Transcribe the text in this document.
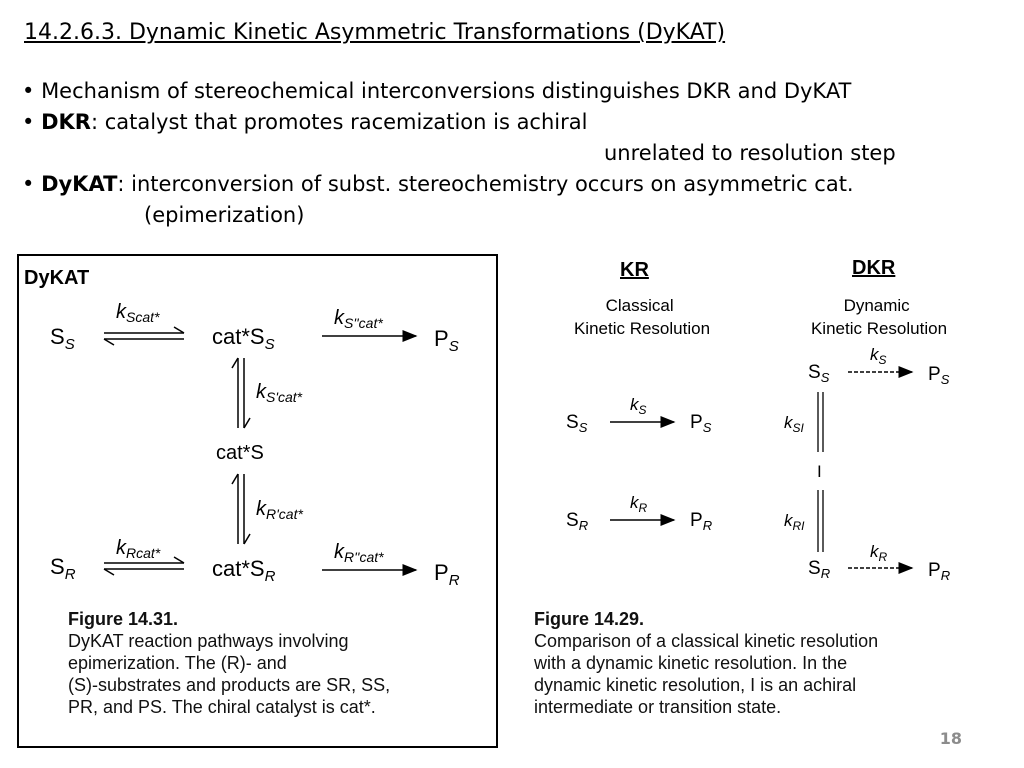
14.2.6.3. Dynamic Kinetic Asymmetric Transformations (DyKAT)
• Mechanism of stereochemical interconversions distinguishes DKR and DyKAT
• DKR: catalyst that promotes racemization is achiral
unrelated to resolution step
• DyKAT: interconversion of subst. stereochemistry occurs on asymmetric cat.
(epimerization)
DyKAT
$S_S$
$k_{Scat*}$
$cat*S_S$
$k_{S''cat*}$
$P_S$
$k_{S'cat*}$
cat*S
$k_{R'cat*}$
$S_R$
$k_{Rcat*}$
$cat*S_R$
$k_{R''cat*}$
$P_R$
KR	DKR
Classical Kinetic Resolution
Dynamic Kinetic Resolution
$S_S$
$k_S$
$P_S$
$S_R$
$k_R$
$P_R$
$S_S$
$k_S$
$P_S$
$k_{SI}$
I
$k_{RI}$
$S_R$
$k_R$
$P_R$
Figure 14.31.
DyKAT reaction pathways involving
epimerization. The (R)- and
(S)-substrates and products are SR, SS,
PR, and PS. The chiral catalyst is cat*.
Figure 14.29.
Comparison of a classical kinetic resolution
with a dynamic kinetic resolution. In the
dynamic kinetic resolution, I is an achiral
intermediate or transition state.
18
